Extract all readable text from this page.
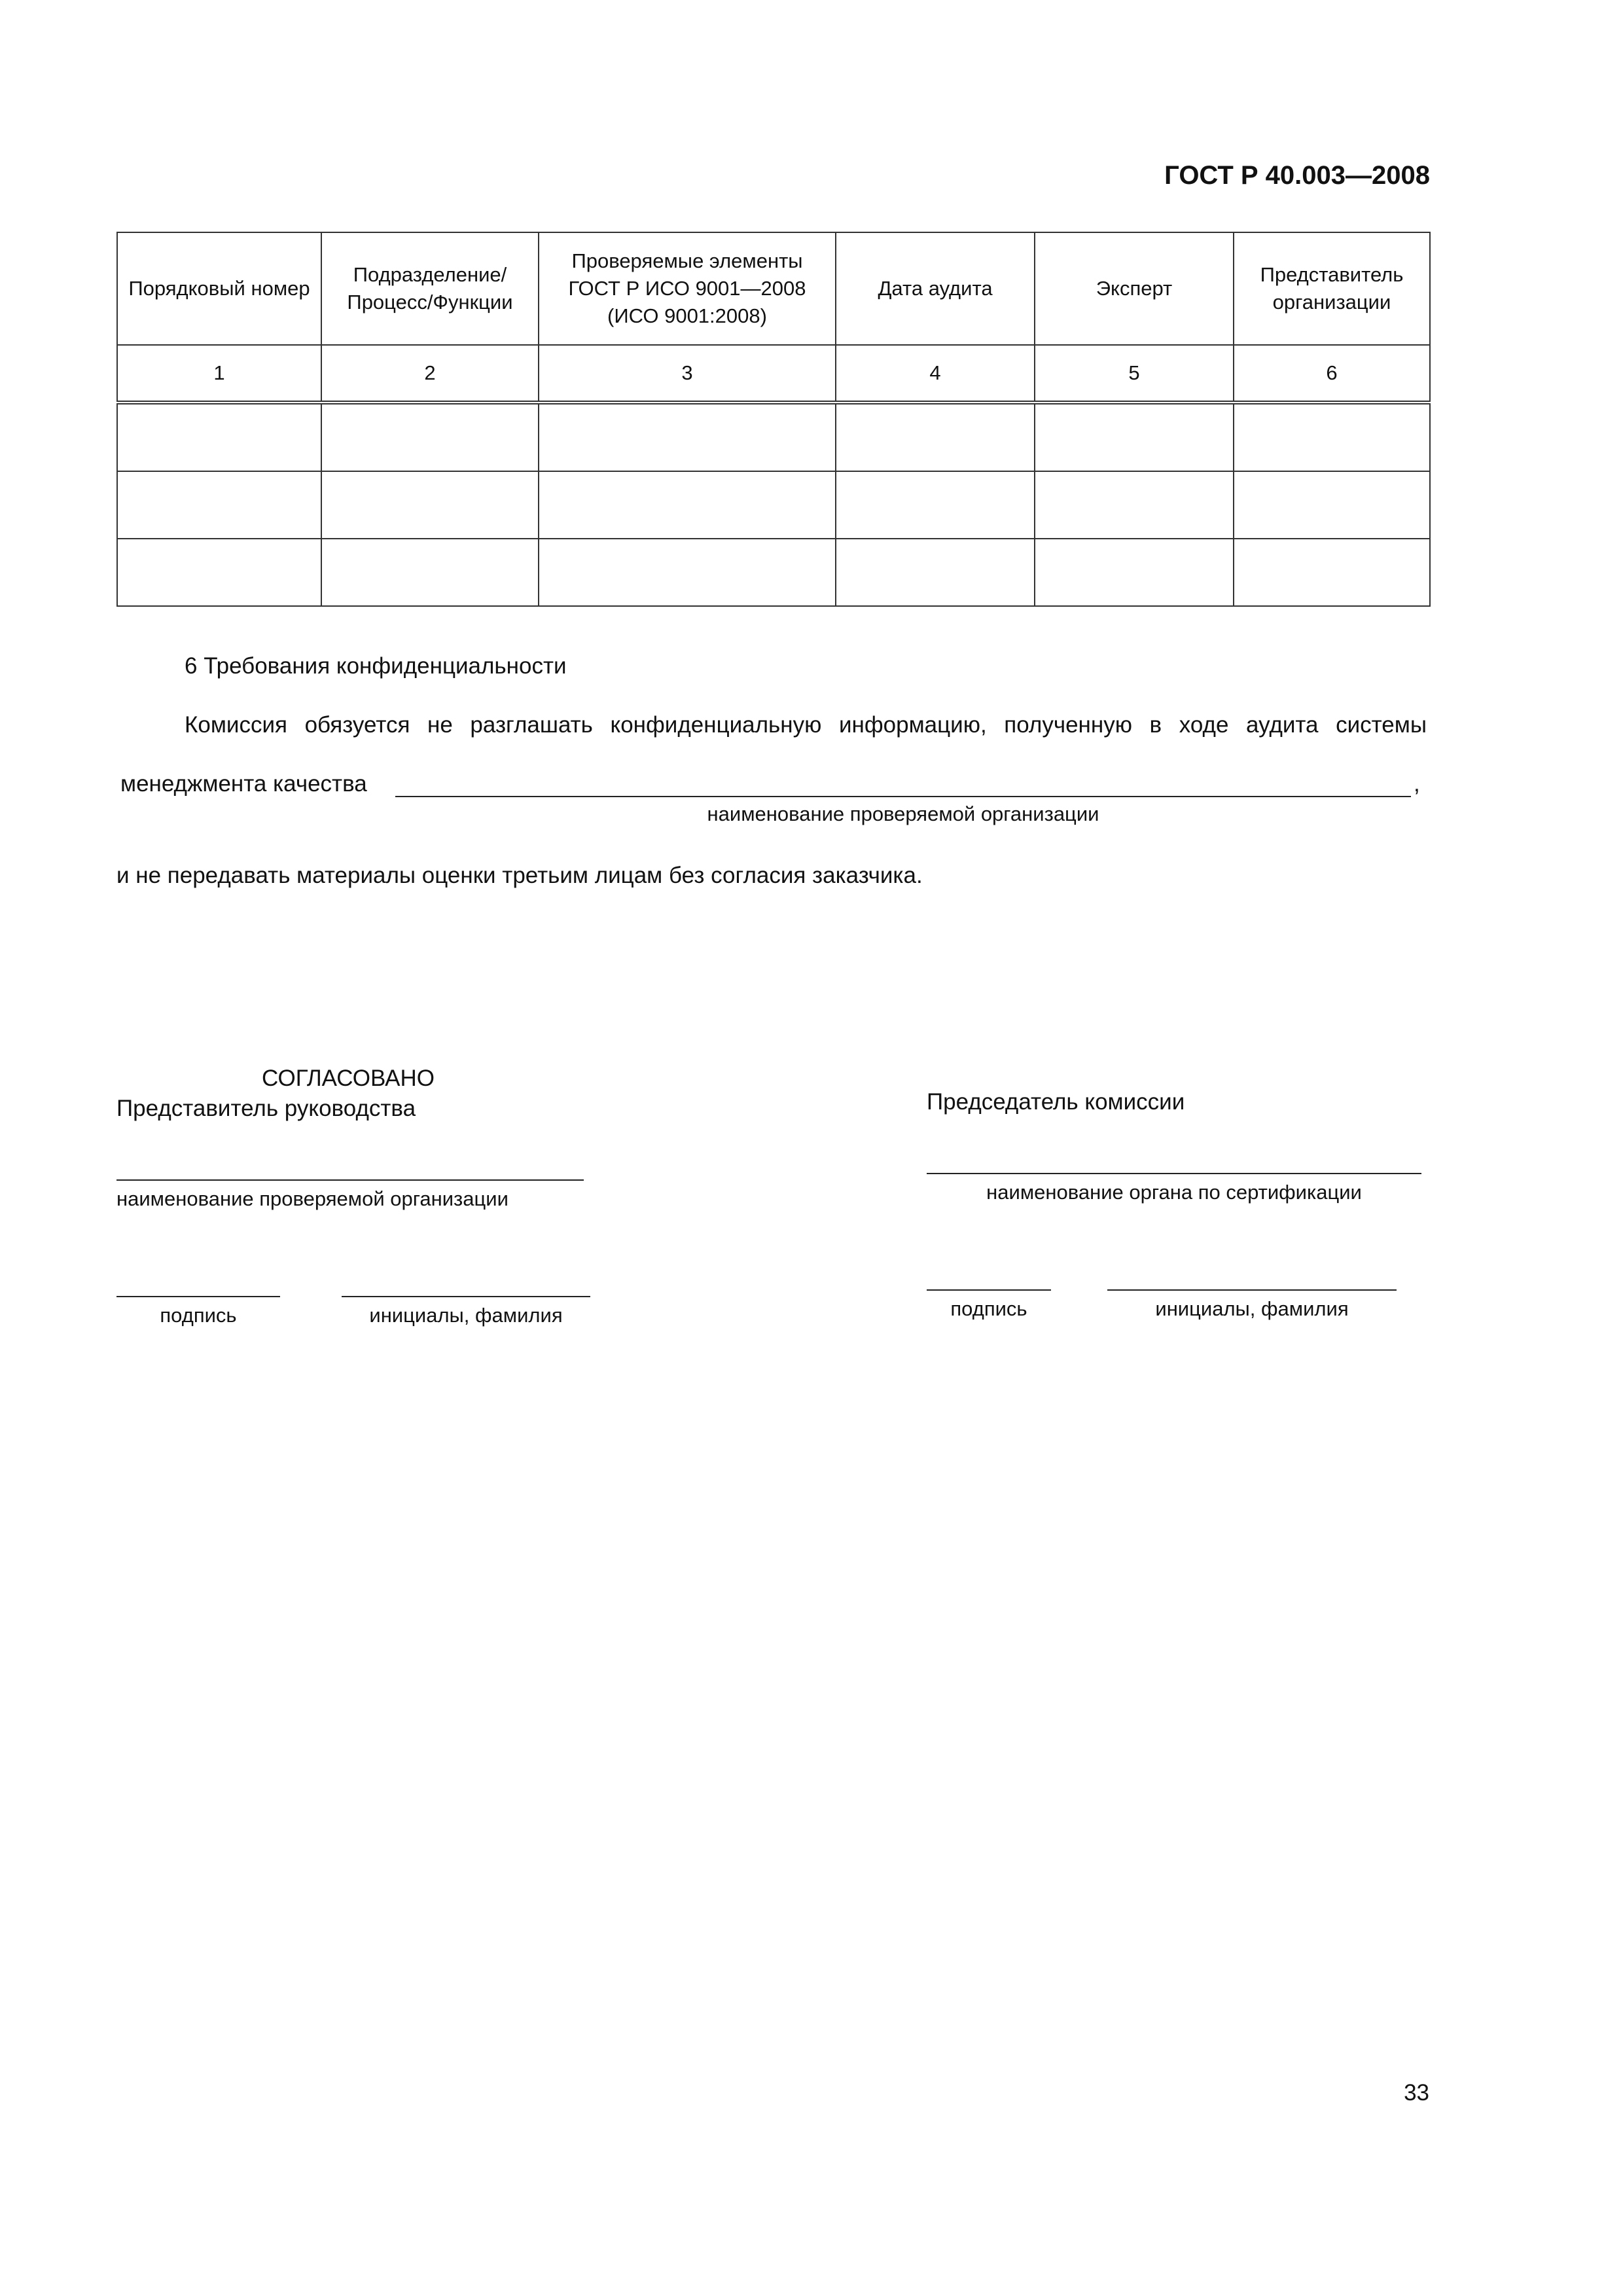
ГОСТ Р 40.003—2008
Порядковый номер	Подразделение/ Процесс/Функции	Проверяемые элементы ГОСТ Р ИСО 9001—2008 (ИСО 9001:2008)	Дата аудита	Эксперт	Представитель организации
1	2	3	4	5	6

6 Требования конфиденциальности
Комиссия обязуется не разглашать конфиденциальную информацию, полученную в ходе аудита системы
менеджмента качества	,
наименование проверяемой организации
и не передавать материалы оценки третьим лицам без согласия заказчика.
СОГЛАСОВАНО
Представитель руководства
наименование проверяемой организации
подпись	инициалы, фамилия
Председатель комиссии
наименование органа по сертификации
подпись	инициалы, фамилия
33
